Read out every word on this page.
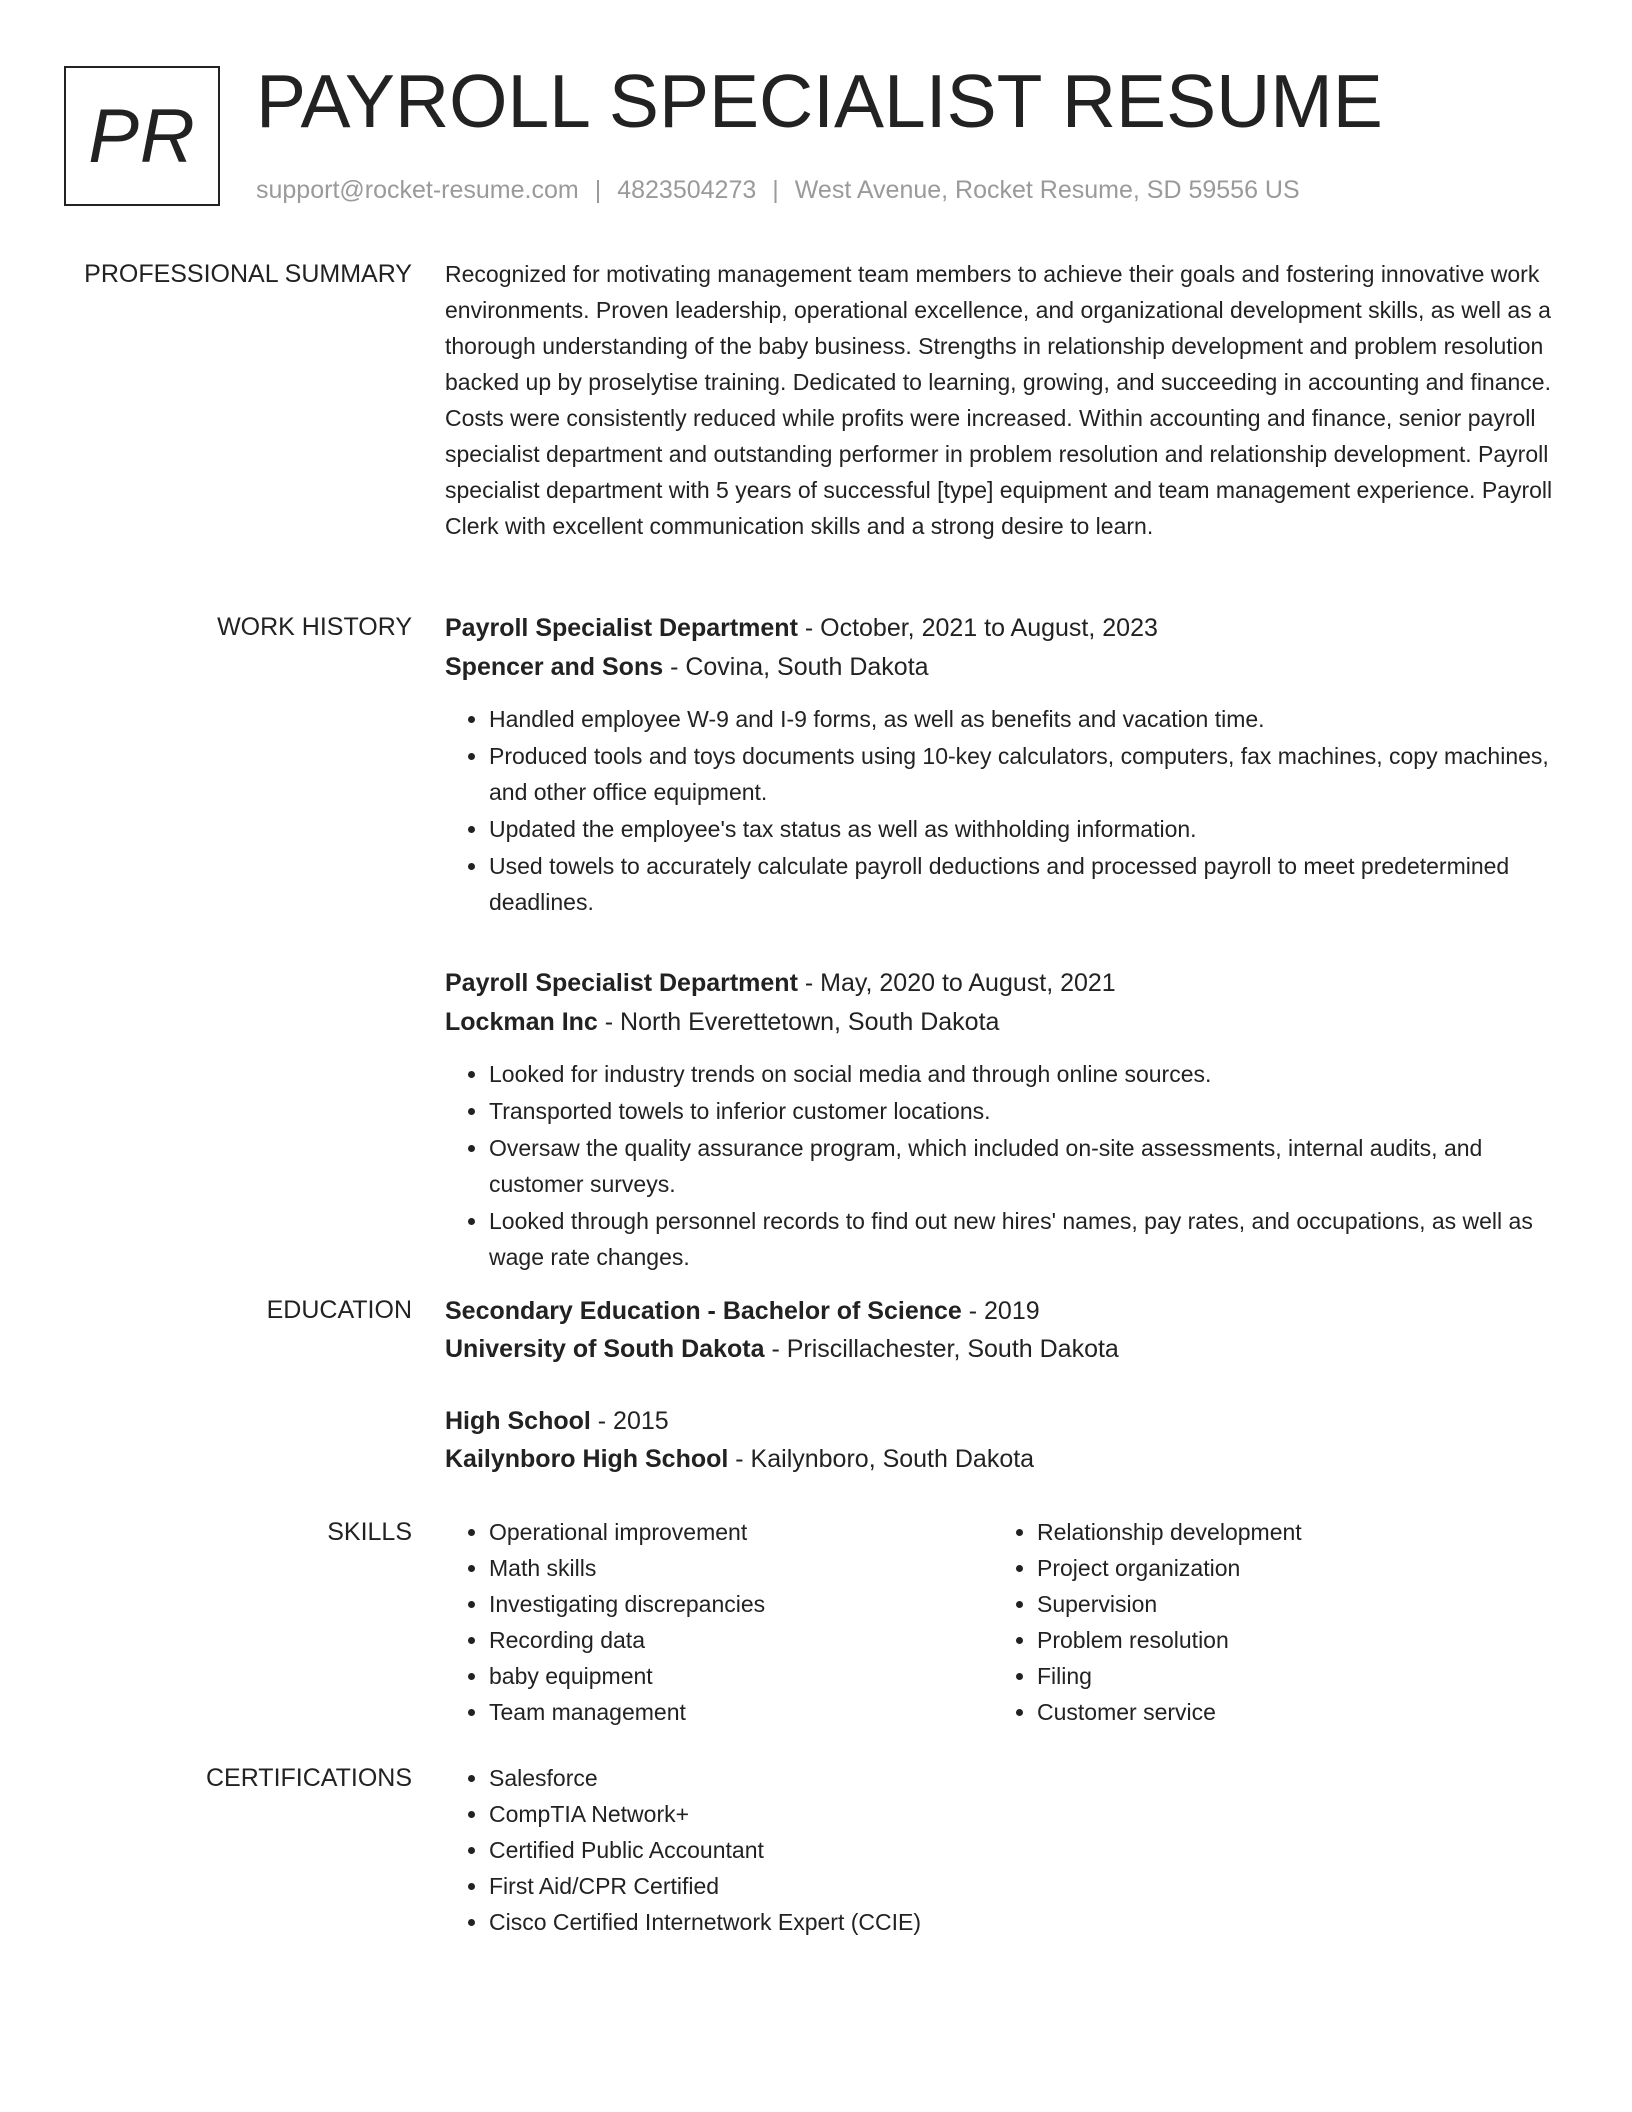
PR PAYROLL SPECIALIST RESUME
support@rocket-resume.com | 4823504273 | West Avenue, Rocket Resume, SD 59556 US
PROFESSIONAL SUMMARY Recognized for motivating management team members to achieve their goals and fostering innovative work environments. Proven leadership, operational excellence, and organizational development skills, as well as a thorough understanding of the baby business. Strengths in relationship development and problem resolution backed up by proselytise training. Dedicated to learning, growing, and succeeding in accounting and finance. Costs were consistently reduced while profits were increased. Within accounting and finance, senior payroll specialist department and outstanding performer in problem resolution and relationship development. Payroll specialist department with 5 years of successful [type] equipment and team management experience. Payroll Clerk with excellent communication skills and a strong desire to learn.

WORK HISTORY Payroll Specialist Department - October, 2021 to August, 2023

Spencer and Sons - Covina, South Dakota

• Handled employee W-9 and I-9 forms, as well as benefits and vacation time.
• Produced tools and toys documents using 10-key calculators, computers, fax machines, copy machines, and other office equipment.
• Updated the employee's tax status as well as withholding information.
• Used towels to accurately calculate payroll deductions and processed payroll to meet predetermined deadlines.

Payroll Specialist Department - May, 2020 to August, 2021

Lockman Inc - North Everettetown, South Dakota

• Looked for industry trends on social media and through online sources.
• Transported towels to inferior customer locations.
• Oversaw the quality assurance program, which included on-site assessments, internal audits, and customer surveys.
• Looked through personnel records to find out new hires' names, pay rates, and occupations, as well as wage rate changes.
EDUCATION Secondary Education - Bachelor of Science - 2019

University of South Dakota - Priscillachester, South Dakota

High School - 2015

Kailynboro High School - Kailynboro, South Dakota

SKILLS	• Operational improvement
• Math skills
• Investigating discrepancies
• Recording data
• baby equipment
• Team management
• Relationship development
• Project organization
• Supervision
• Problem resolution
• Filing
• Customer service
CERTIFICATIONS	• Salesforce
• CompTIA Network+
• Certified Public Accountant
• First Aid/CPR Certified
• Cisco Certified Internetwork Expert (CCIE)
